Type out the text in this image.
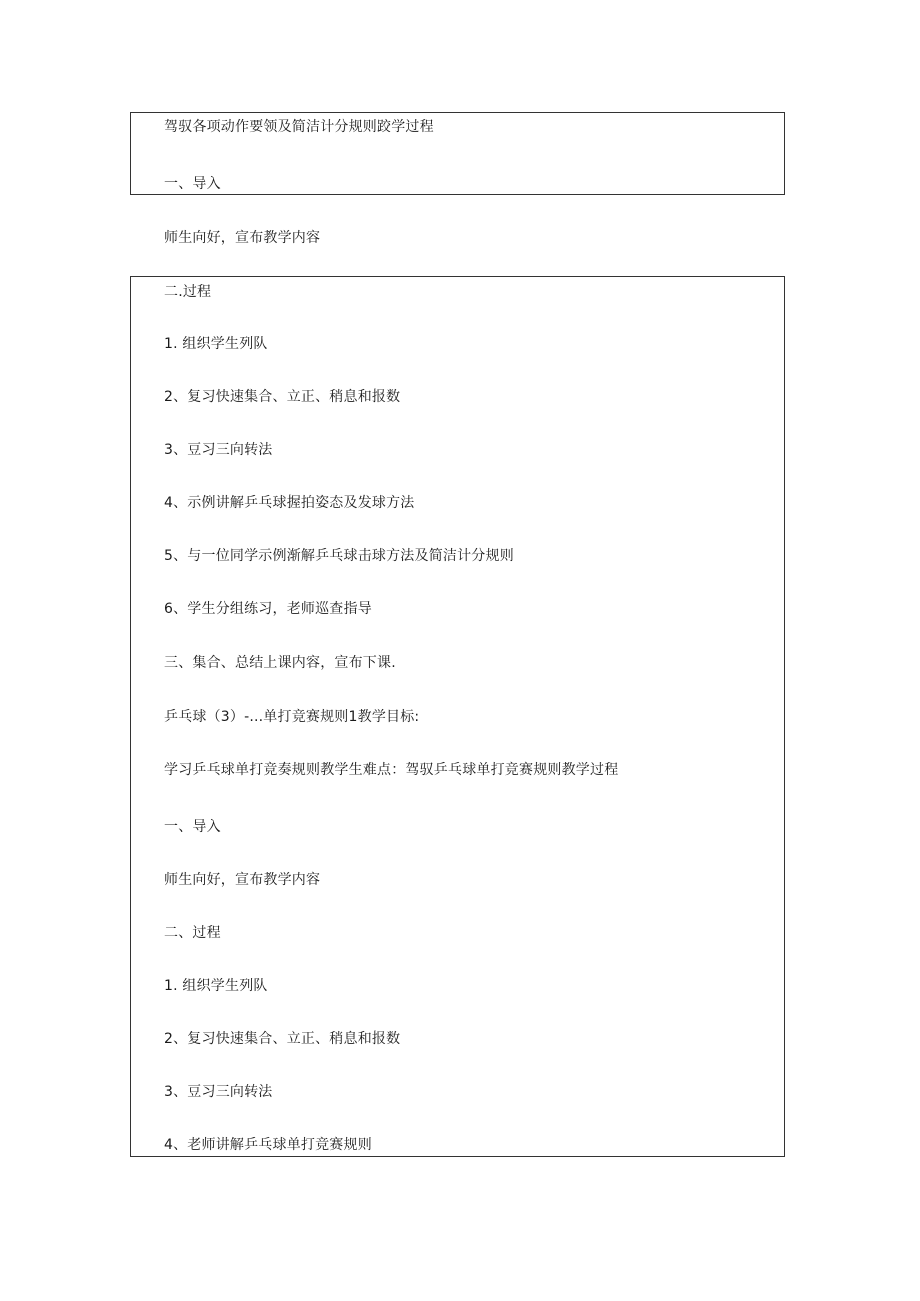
驾驭各项动作要领及简洁计分规则跤学过程
一、导入
师生向好，宣布教学内容
二.过程
1. 组织学生列队
2、复习快速集合、立正、稍息和报数
3、豆习三向转法
4、示例讲解乒乓球握拍姿态及发球方法
5、与一位同学示例渐解乒乓球击球方法及简洁计分规则
6、学生分组练习，老师巡查指导
三、集合、总结上课内容，宣布下课.
乒乓球（3）-...单打竞赛规则1教学目标:
学习乒乓球单打竞奏规则教学生难点：驾驭乒乓球单打竞赛规则教学过程
一、导入
师生向好，宣布教学内容
二、过程
1. 组织学生列队
2、复习快速集合、立正、稍息和报数
3、豆习三向转法
4、老师讲解乒乓球单打竞赛规则
